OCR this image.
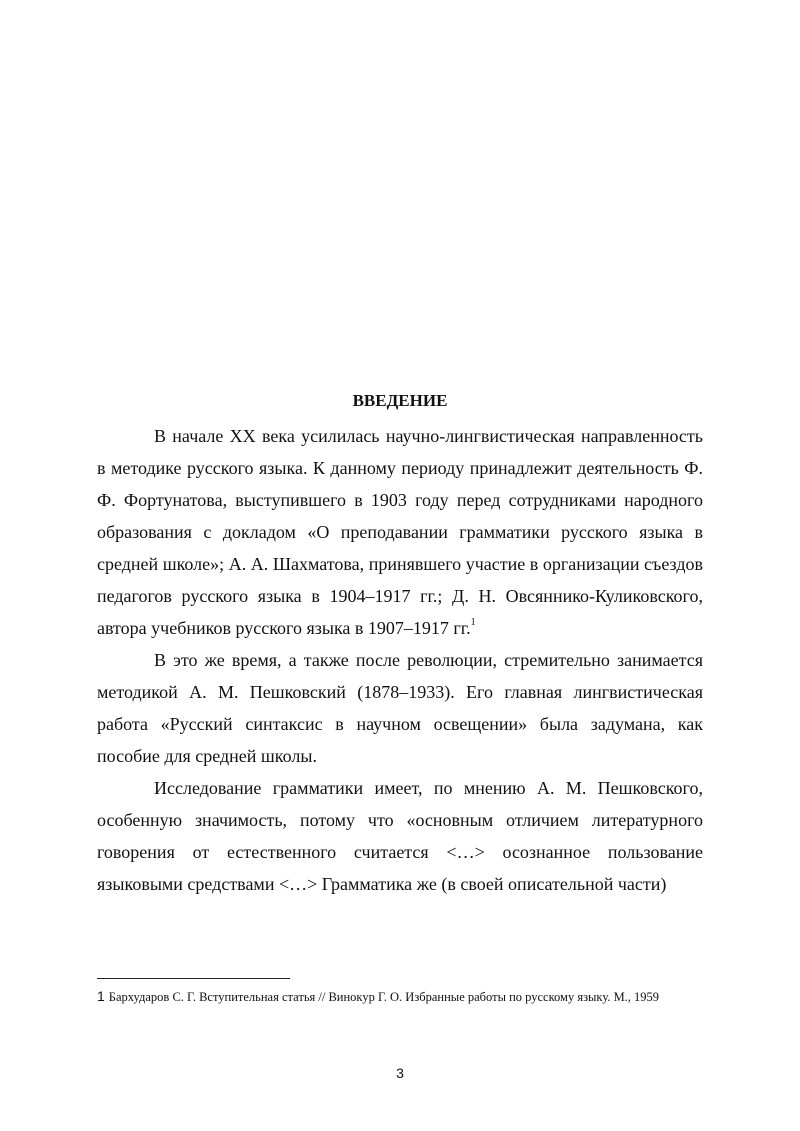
ВВЕДЕНИЕ

В начале XX века усилилась научно-лингвистическая направленность в методике русского языка. К данному периоду принадлежит деятельность Ф. Ф. Фортунатова, выступившего в 1903 году перед сотрудниками народного образования с докладом «О преподавании грамматики русского языка в средней школе»; А. А. Шахматова, принявшего участие в организации съездов педагогов русского языка в 1904–1917 гг.; Д. Н. Овсяннико-Куликовского, автора учебников русского языка в 1907–1917 гг.$^1$

В это же время, а также после революции, стремительно занимается методикой А. М. Пешковский (1878–1933). Его главная лингвистическая работа «Русский синтаксис в научном освещении» была задумана, как пособие для средней школы.

Исследование грамматики имеет, по мнению А. М. Пешковского, особенную значимость, потому что «основным отличием литературного говорения от естественного считается <…> осознанное пользование языковыми средствами <…> Грамматика же (в своей описательной части)

1 Бархударов С. Г. Вступительная статья // Винокур Г. О. Избранные работы по русскому языку. М., 1959

3
